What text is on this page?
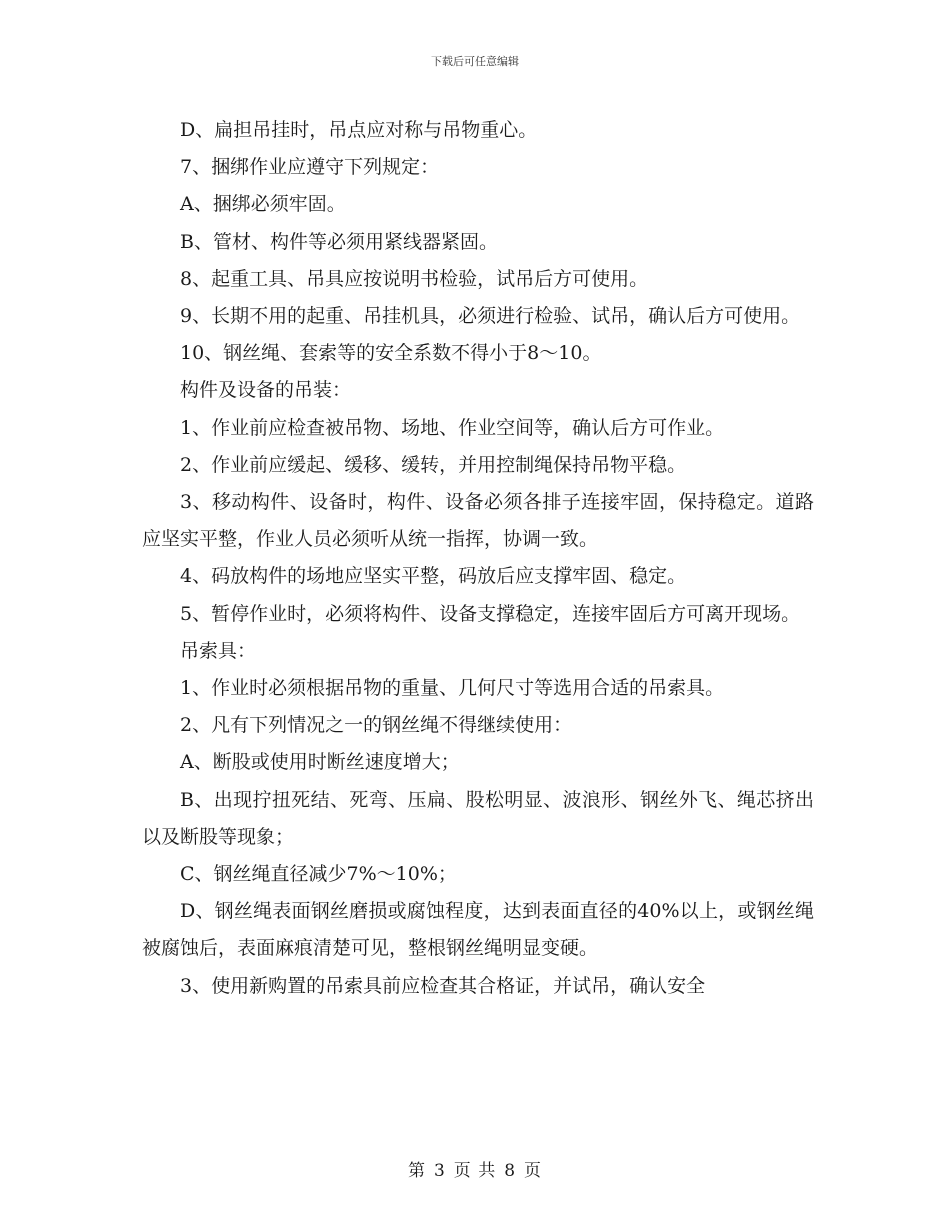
下载后可任意编辑

D、扁担吊挂时，吊点应对称与吊物重心。

7、捆绑作业应遵守下列规定：

A、捆绑必须牢固。

B、管材、构件等必须用紧线器紧固。

8、起重工具、吊具应按说明书检验，试吊后方可使用。

9、长期不用的起重、吊挂机具，必须进行检验、试吊，确认后方可使用。

10、钢丝绳、套索等的安全系数不得小于8～10。

构件及设备的吊装：

1、作业前应检查被吊物、场地、作业空间等，确认后方可作业。

2、作业前应缓起、缓移、缓转，并用控制绳保持吊物平稳。

3、移动构件、设备时，构件、设备必须各排子连接牢固，保持稳定。道路应坚实平整，作业人员必须听从统一指挥，协调一致。

4、码放构件的场地应坚实平整，码放后应支撑牢固、稳定。

5、暂停作业时，必须将构件、设备支撑稳定，连接牢固后方可离开现场。

吊索具：

1、作业时必须根据吊物的重量、几何尺寸等选用合适的吊索具。

2、凡有下列情况之一的钢丝绳不得继续使用：

A、断股或使用时断丝速度增大；

B、出现拧扭死结、死弯、压扁、股松明显、波浪形、钢丝外飞、绳芯挤出以及断股等现象；

C、钢丝绳直径减少7%～10%；

D、钢丝绳表面钢丝磨损或腐蚀程度，达到表面直径的40%以上，或钢丝绳被腐蚀后，表面麻痕清楚可见，整根钢丝绳明显变硬。

3、使用新购置的吊索具前应检查其合格证，并试吊，确认安全

第 3 页 共 8 页
